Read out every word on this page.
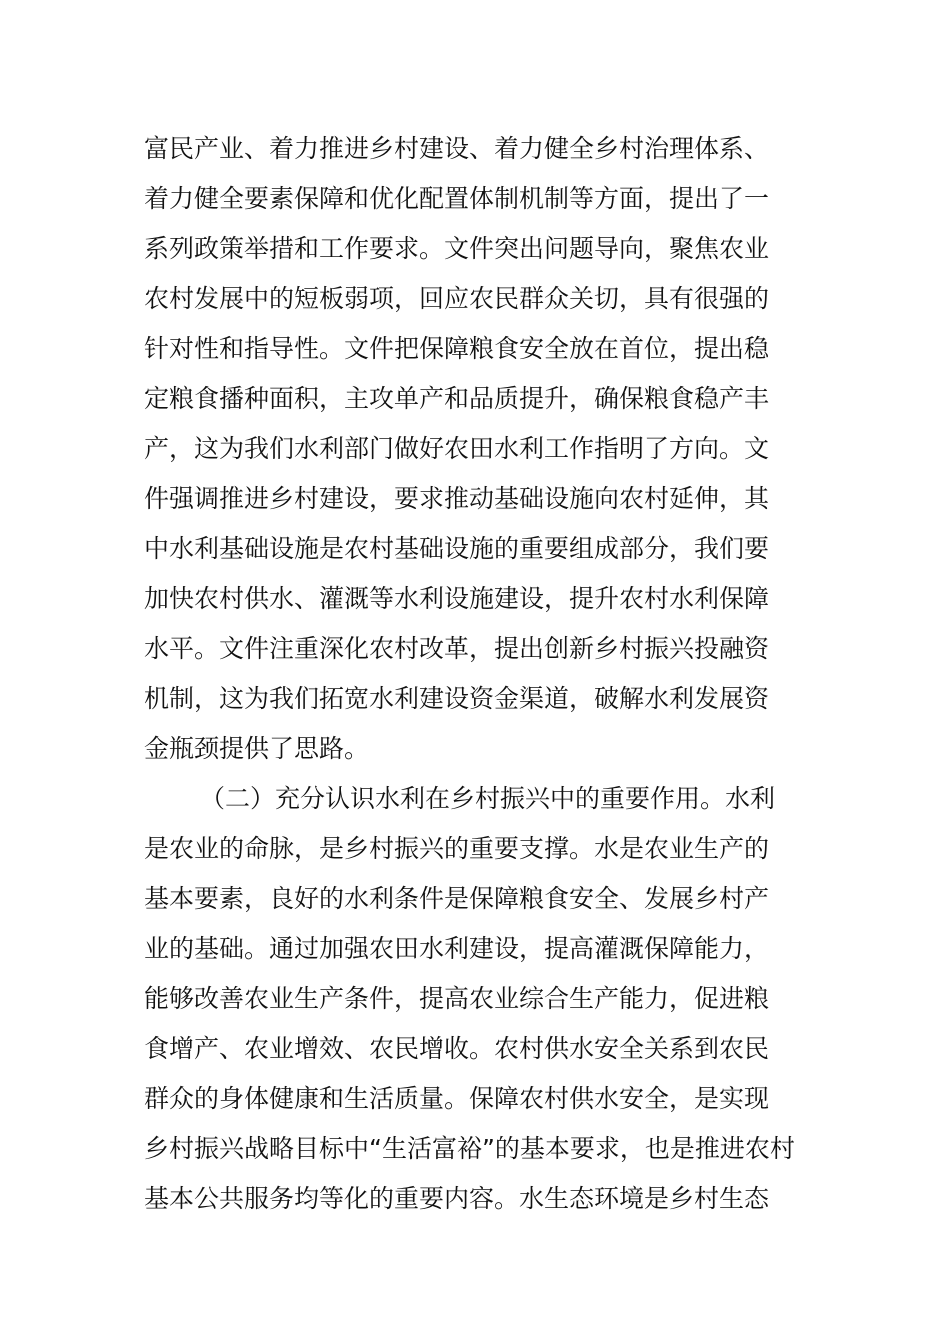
富民产业、着力推进乡村建设、着力健全乡村治理体系、
着力健全要素保障和优化配置体制机制等方面，提出了一
系列政策举措和工作要求。文件突出问题导向，聚焦农业
农村发展中的短板弱项，回应农民群众关切，具有很强的
针对性和指导性。文件把保障粮食安全放在首位，提出稳
定粮食播种面积，主攻单产和品质提升，确保粮食稳产丰
产，这为我们水利部门做好农田水利工作指明了方向。文
件强调推进乡村建设，要求推动基础设施向农村延伸，其
中水利基础设施是农村基础设施的重要组成部分，我们要
加快农村供水、灌溉等水利设施建设，提升农村水利保障
水平。文件注重深化农村改革，提出创新乡村振兴投融资
机制，这为我们拓宽水利建设资金渠道，破解水利发展资
金瓶颈提供了思路。
（二）充分认识水利在乡村振兴中的重要作用。水利
是农业的命脉，是乡村振兴的重要支撑。水是农业生产的
基本要素，良好的水利条件是保障粮食安全、发展乡村产
业的基础。通过加强农田水利建设，提高灌溉保障能力，
能够改善农业生产条件，提高农业综合生产能力，促进粮
食增产、农业增效、农民增收。农村供水安全关系到农民
群众的身体健康和生活质量。保障农村供水安全，是实现
乡村振兴战略目标中“生活富裕”的基本要求，也是推进农村
基本公共服务均等化的重要内容。水生态环境是乡村生态
